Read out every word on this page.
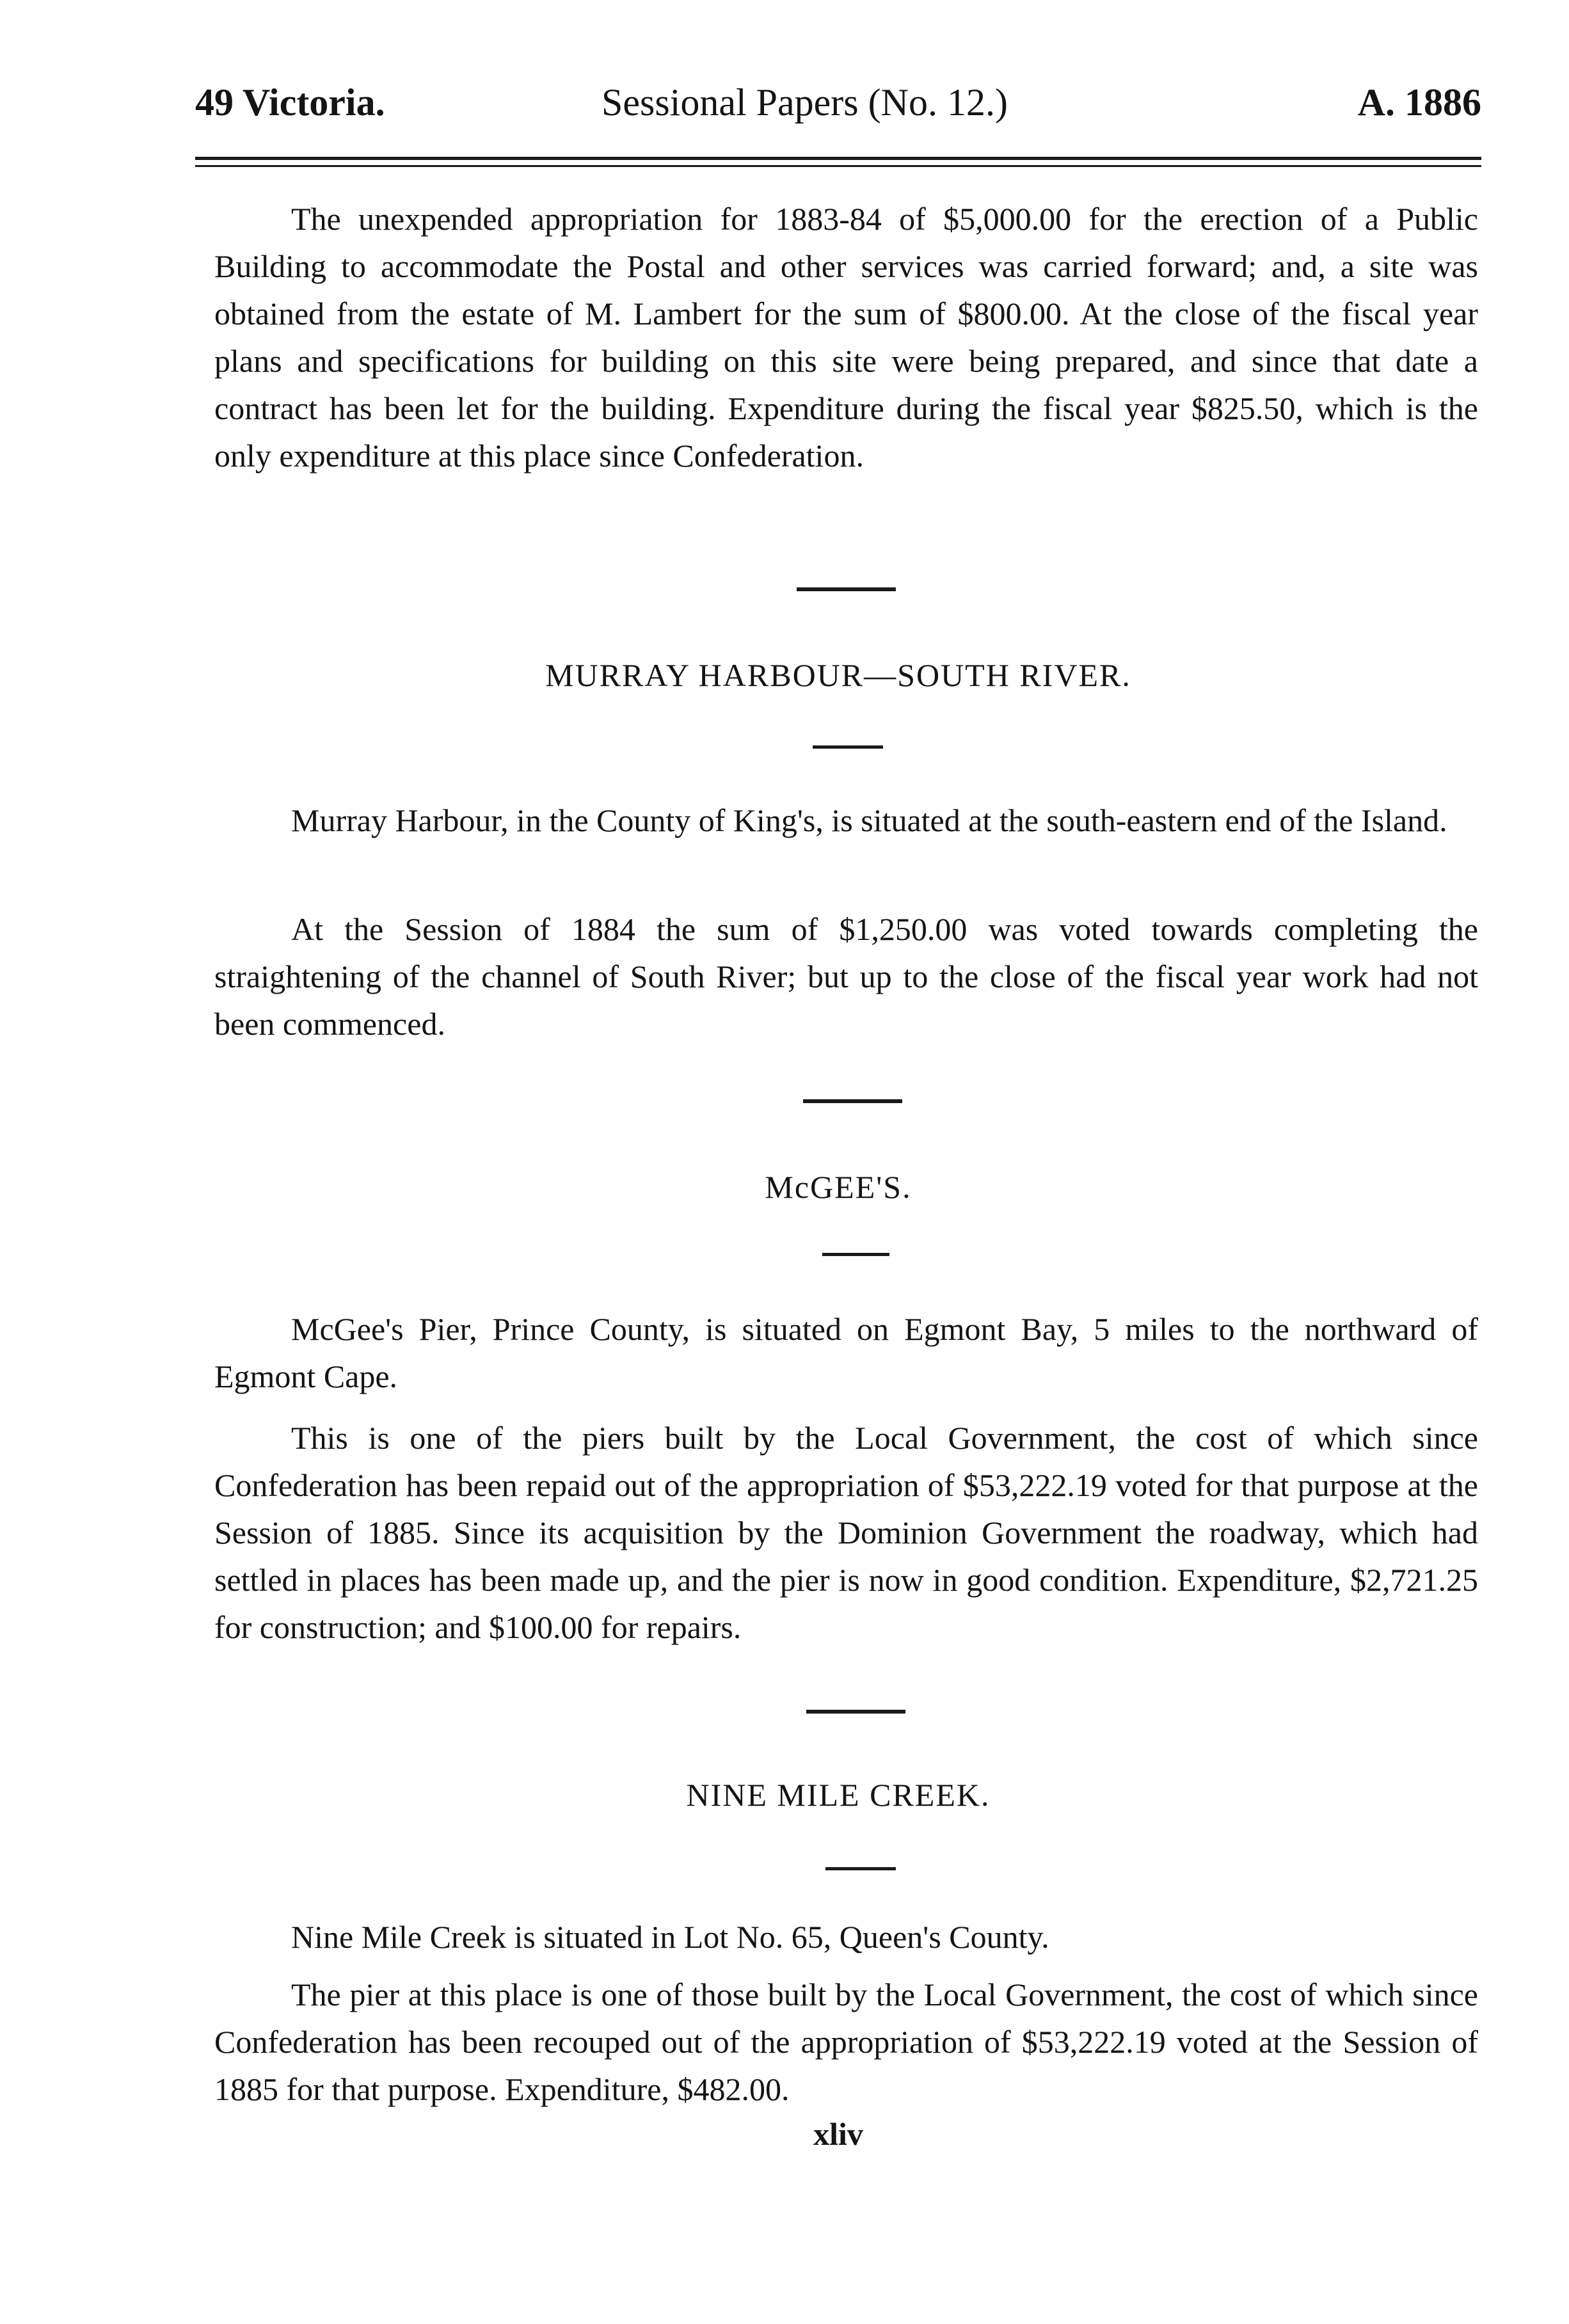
49 Victoria.	Sessional Papers (No. 12.)	A. 1886

The unexpended appropriation for 1883-84 of $5,000.00 for the erection of a Public Building to accommodate the Postal and other services was carried forward; and, a site was obtained from the estate of M. Lambert for the sum of $800.00. At the close of the fiscal year plans and specifications for building on this site were being prepared, and since that date a contract has been let for the building. Expenditure during the fiscal year $825.50, which is the only expenditure at this place since Confederation.

MURRAY HARBOUR—SOUTH RIVER.

Murray Harbour, in the County of King's, is situated at the south-eastern end of the Island.

At the Session of 1884 the sum of $1,250.00 was voted towards completing the straightening of the channel of South River; but up to the close of the fiscal year work had not been commenced.

McGEE'S.

McGee's Pier, Prince County, is situated on Egmont Bay, 5 miles to the northward of Egmont Cape.

This is one of the piers built by the Local Government, the cost of which since Confederation has been repaid out of the appropriation of $53,222.19 voted for that purpose at the Session of 1885. Since its acquisition by the Dominion Government the roadway, which had settled in places has been made up, and the pier is now in good condition. Expenditure, $2,721.25 for construction; and $100.00 for repairs.

NINE MILE CREEK.

Nine Mile Creek is situated in Lot No. 65, Queen's County.

The pier at this place is one of those built by the Local Government, the cost of which since Confederation has been recouped out of the appropriation of $53,222.19 voted at the Session of 1885 for that purpose. Expenditure, $482.00.

xliv
